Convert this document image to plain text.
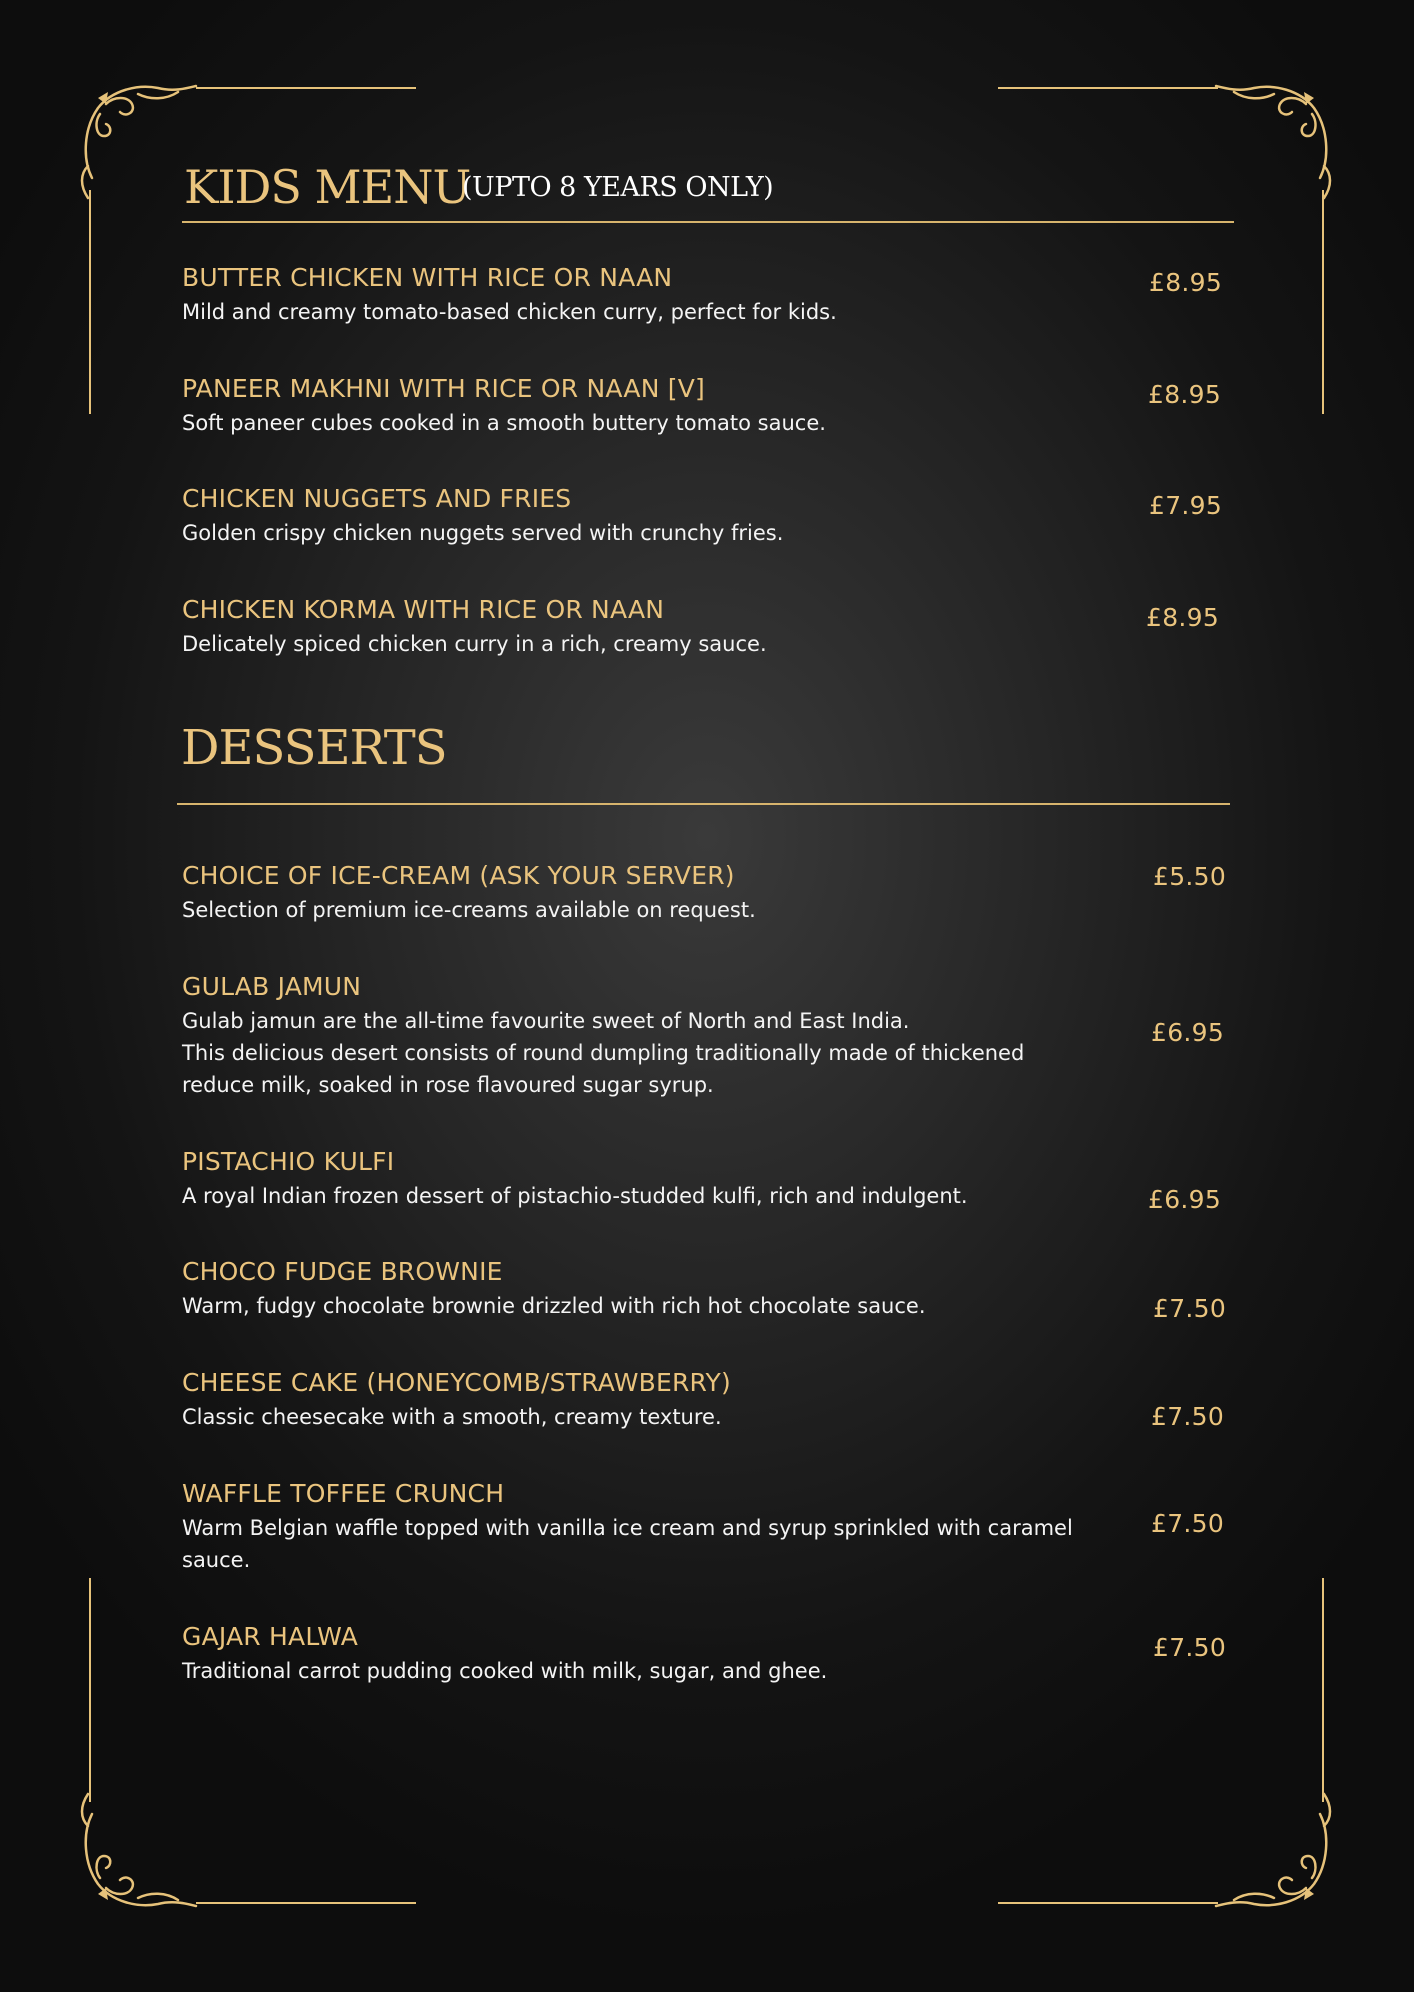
KIDS MENU
(UPTO 8 YEARS ONLY)

BUTTER CHICKEN WITH RICE OR NAAN

Mild and creamy tomato-based chicken curry, perfect for kids.

£8.95

PANEER MAKHNI WITH RICE OR NAAN [V]

Soft paneer cubes cooked in a smooth buttery tomato sauce.

£8.95

CHICKEN NUGGETS AND FRIES

Golden crispy chicken nuggets served with crunchy fries.

£7.95

CHICKEN KORMA WITH RICE OR NAAN

Delicately spiced chicken curry in a rich, creamy sauce.

£8.95
DESSERTS

CHOICE OF ICE-CREAM (ASK YOUR SERVER)

Selection of premium ice-creams available on request.

£5.50

GULAB JAMUN

Gulab jamun are the all-time favourite sweet of North and East India.
This delicious desert consists of round dumpling traditionally made of thickened
reduce milk, soaked in rose flavoured sugar syrup.

£6.95

PISTACHIO KULFI

A royal Indian frozen dessert of pistachio-studded kulfi, rich and indulgent.	£6.95

CHOCO FUDGE BROWNIE

Warm, fudgy chocolate brownie drizzled with rich hot chocolate sauce.	£7.50

CHEESE CAKE (HONEYCOMB/STRAWBERRY)

Classic cheesecake with a smooth, creamy texture.	£7.50

WAFFLE TOFFEE CRUNCH

Warm Belgian waffle topped with vanilla ice cream and syrup sprinkled with caramel
sauce.

£7.50

GAJAR HALWA

Traditional carrot pudding cooked with milk, sugar, and ghee.

£7.50
